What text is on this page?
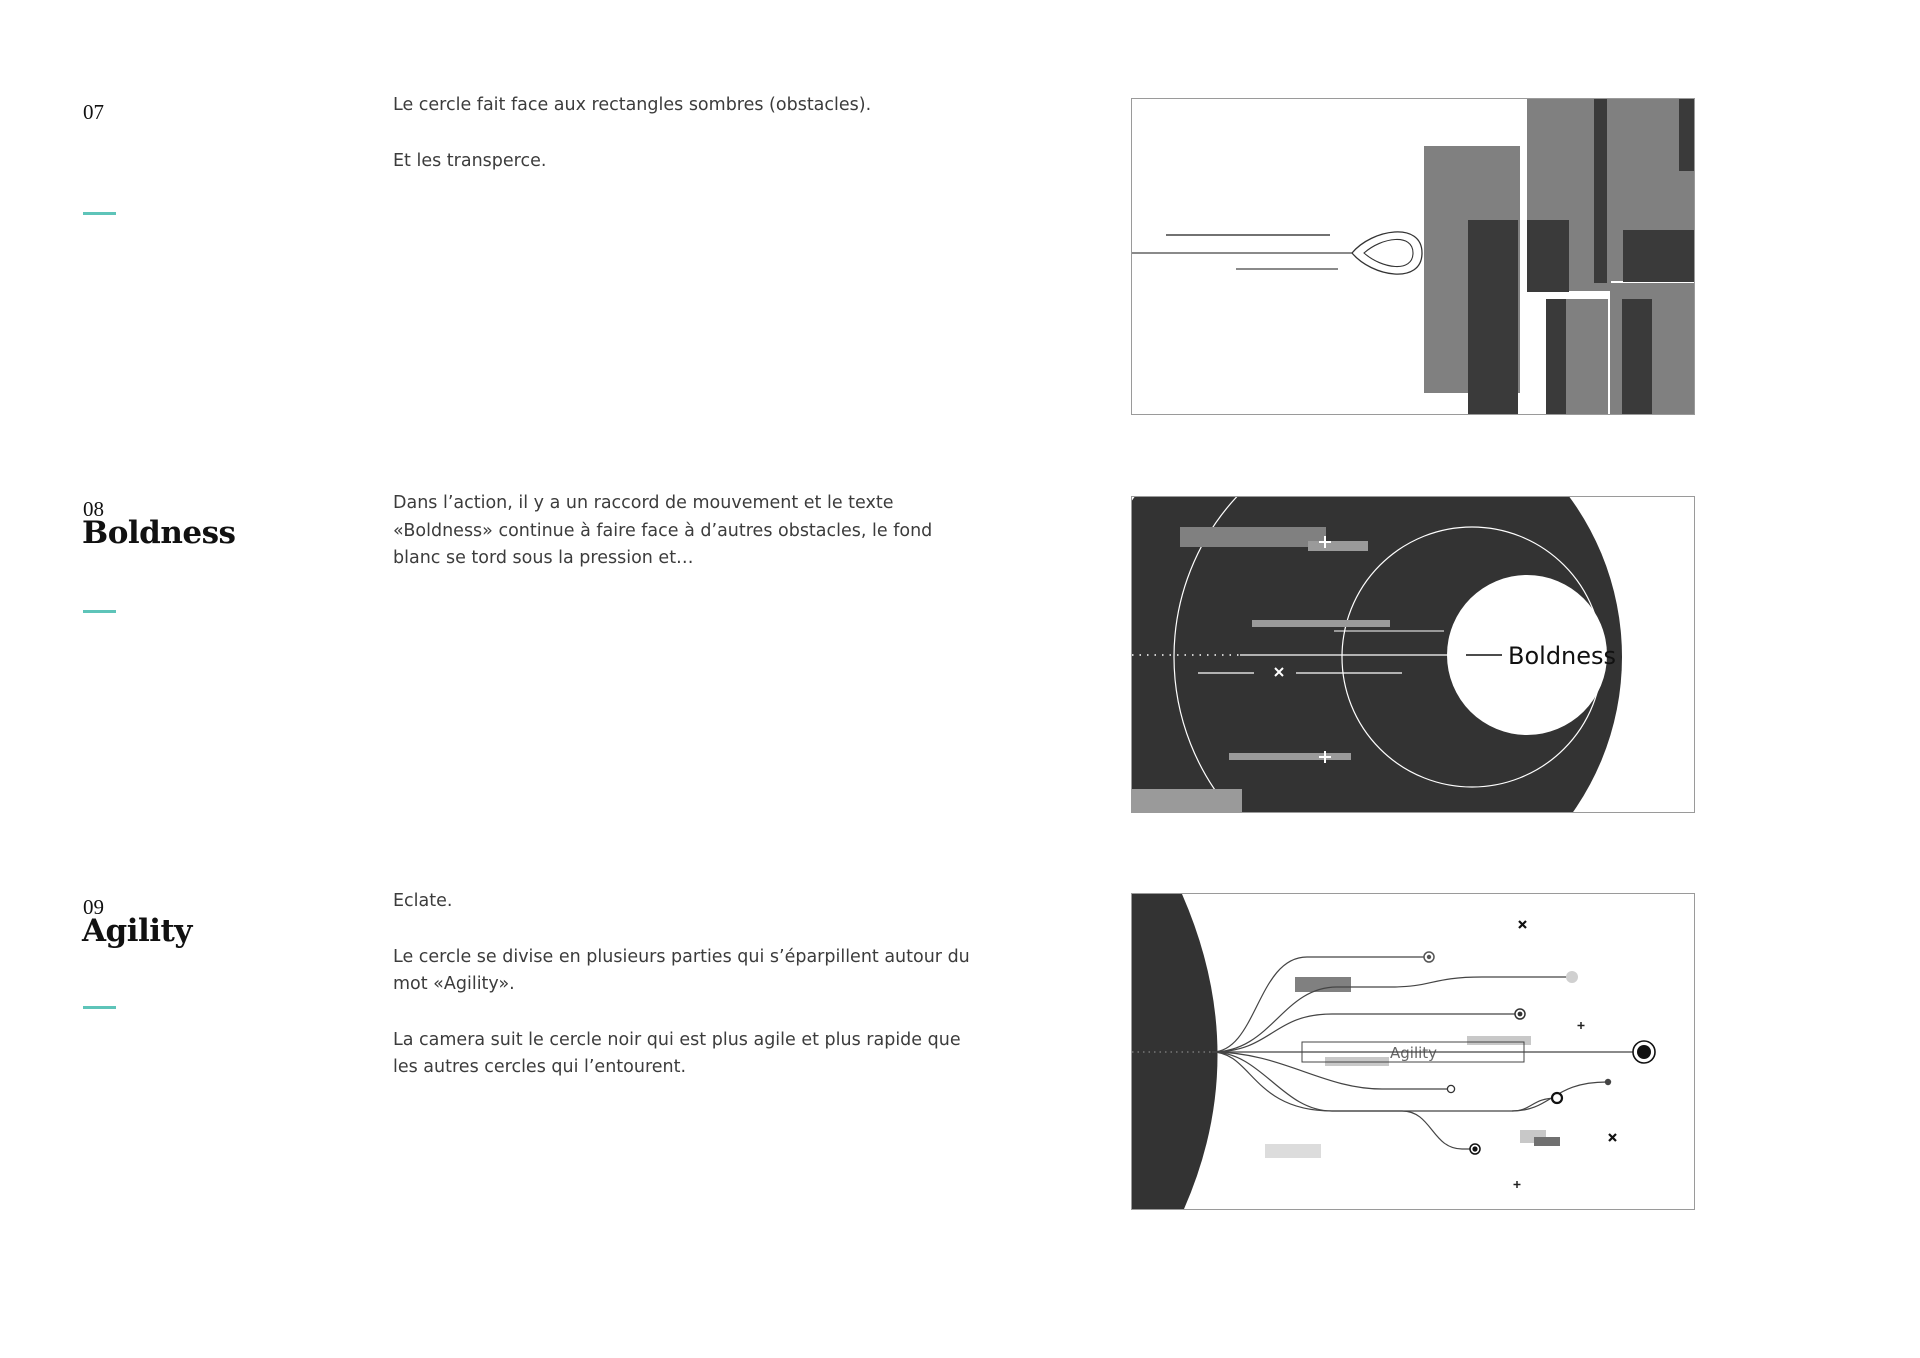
07	Le cercle fait face aux rectangles sombres (obstacles).

Et les transperce.

08
Boldness

Dans l’action, il y a un raccord de mouvement et le texte «Boldness» continue à faire face à d’autres obstacles, le fond blanc se tord sous la pression et…

Boldness
09
Agility

Eclate.

Le cercle se divise en plusieurs parties qui s’éparpillent autour du mot «Agility».

La camera suit le cercle noir qui est plus agile et plus rapide que les autres cercles qui l’entourent.

Agility
